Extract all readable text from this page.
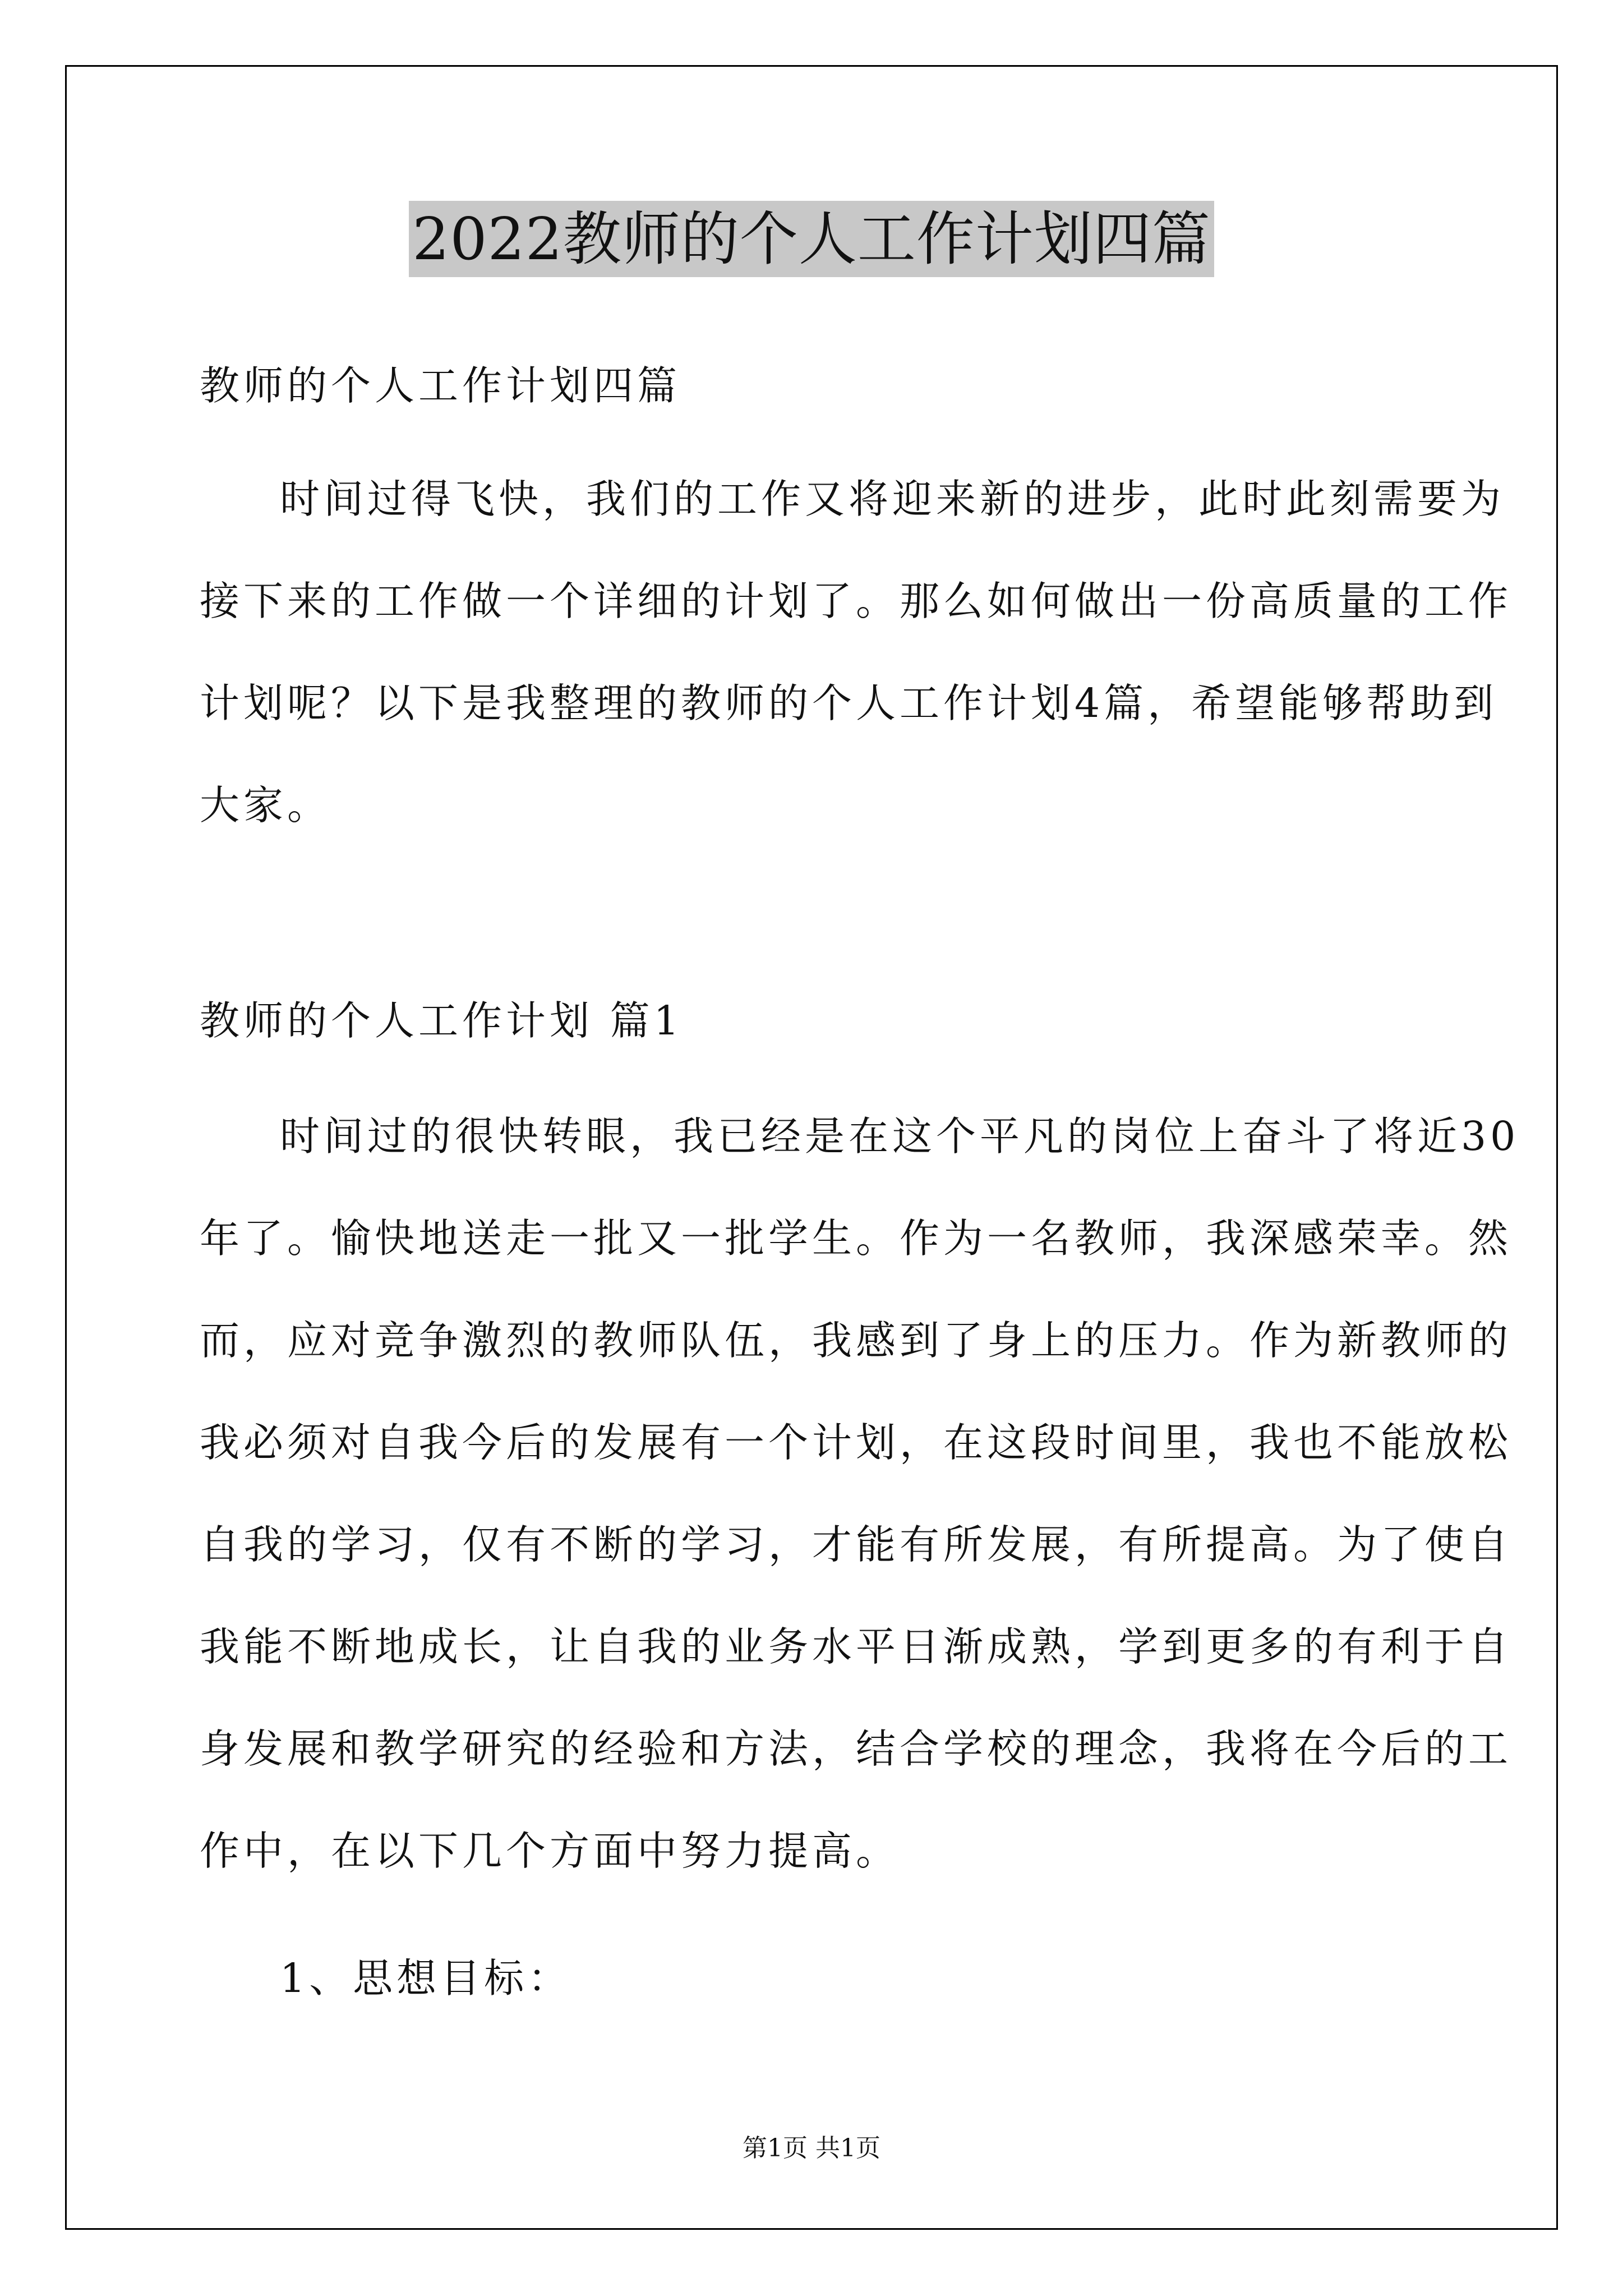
2022教师的个人工作计划四篇
教师的个人工作计划四篇
时间过得飞快，我们的工作又将迎来新的进步，此时此刻需要为
接下来的工作做一个详细的计划了。那么如何做出一份高质量的工作
计划呢？以下是我整理的教师的个人工作计划4篇，希望能够帮助到
大家。
教师的个人工作计划 篇1
时间过的很快转眼，我已经是在这个平凡的岗位上奋斗了将近30
年了。愉快地送走一批又一批学生。作为一名教师，我深感荣幸。然
而，应对竞争激烈的教师队伍，我感到了身上的压力。作为新教师的
我必须对自我今后的发展有一个计划，在这段时间里，我也不能放松
自我的学习，仅有不断的学习，才能有所发展，有所提高。为了使自
我能不断地成长，让自我的业务水平日渐成熟，学到更多的有利于自
身发展和教学研究的经验和方法，结合学校的理念，我将在今后的工
作中，在以下几个方面中努力提高。
1、思想目标：
第1页 共1页
